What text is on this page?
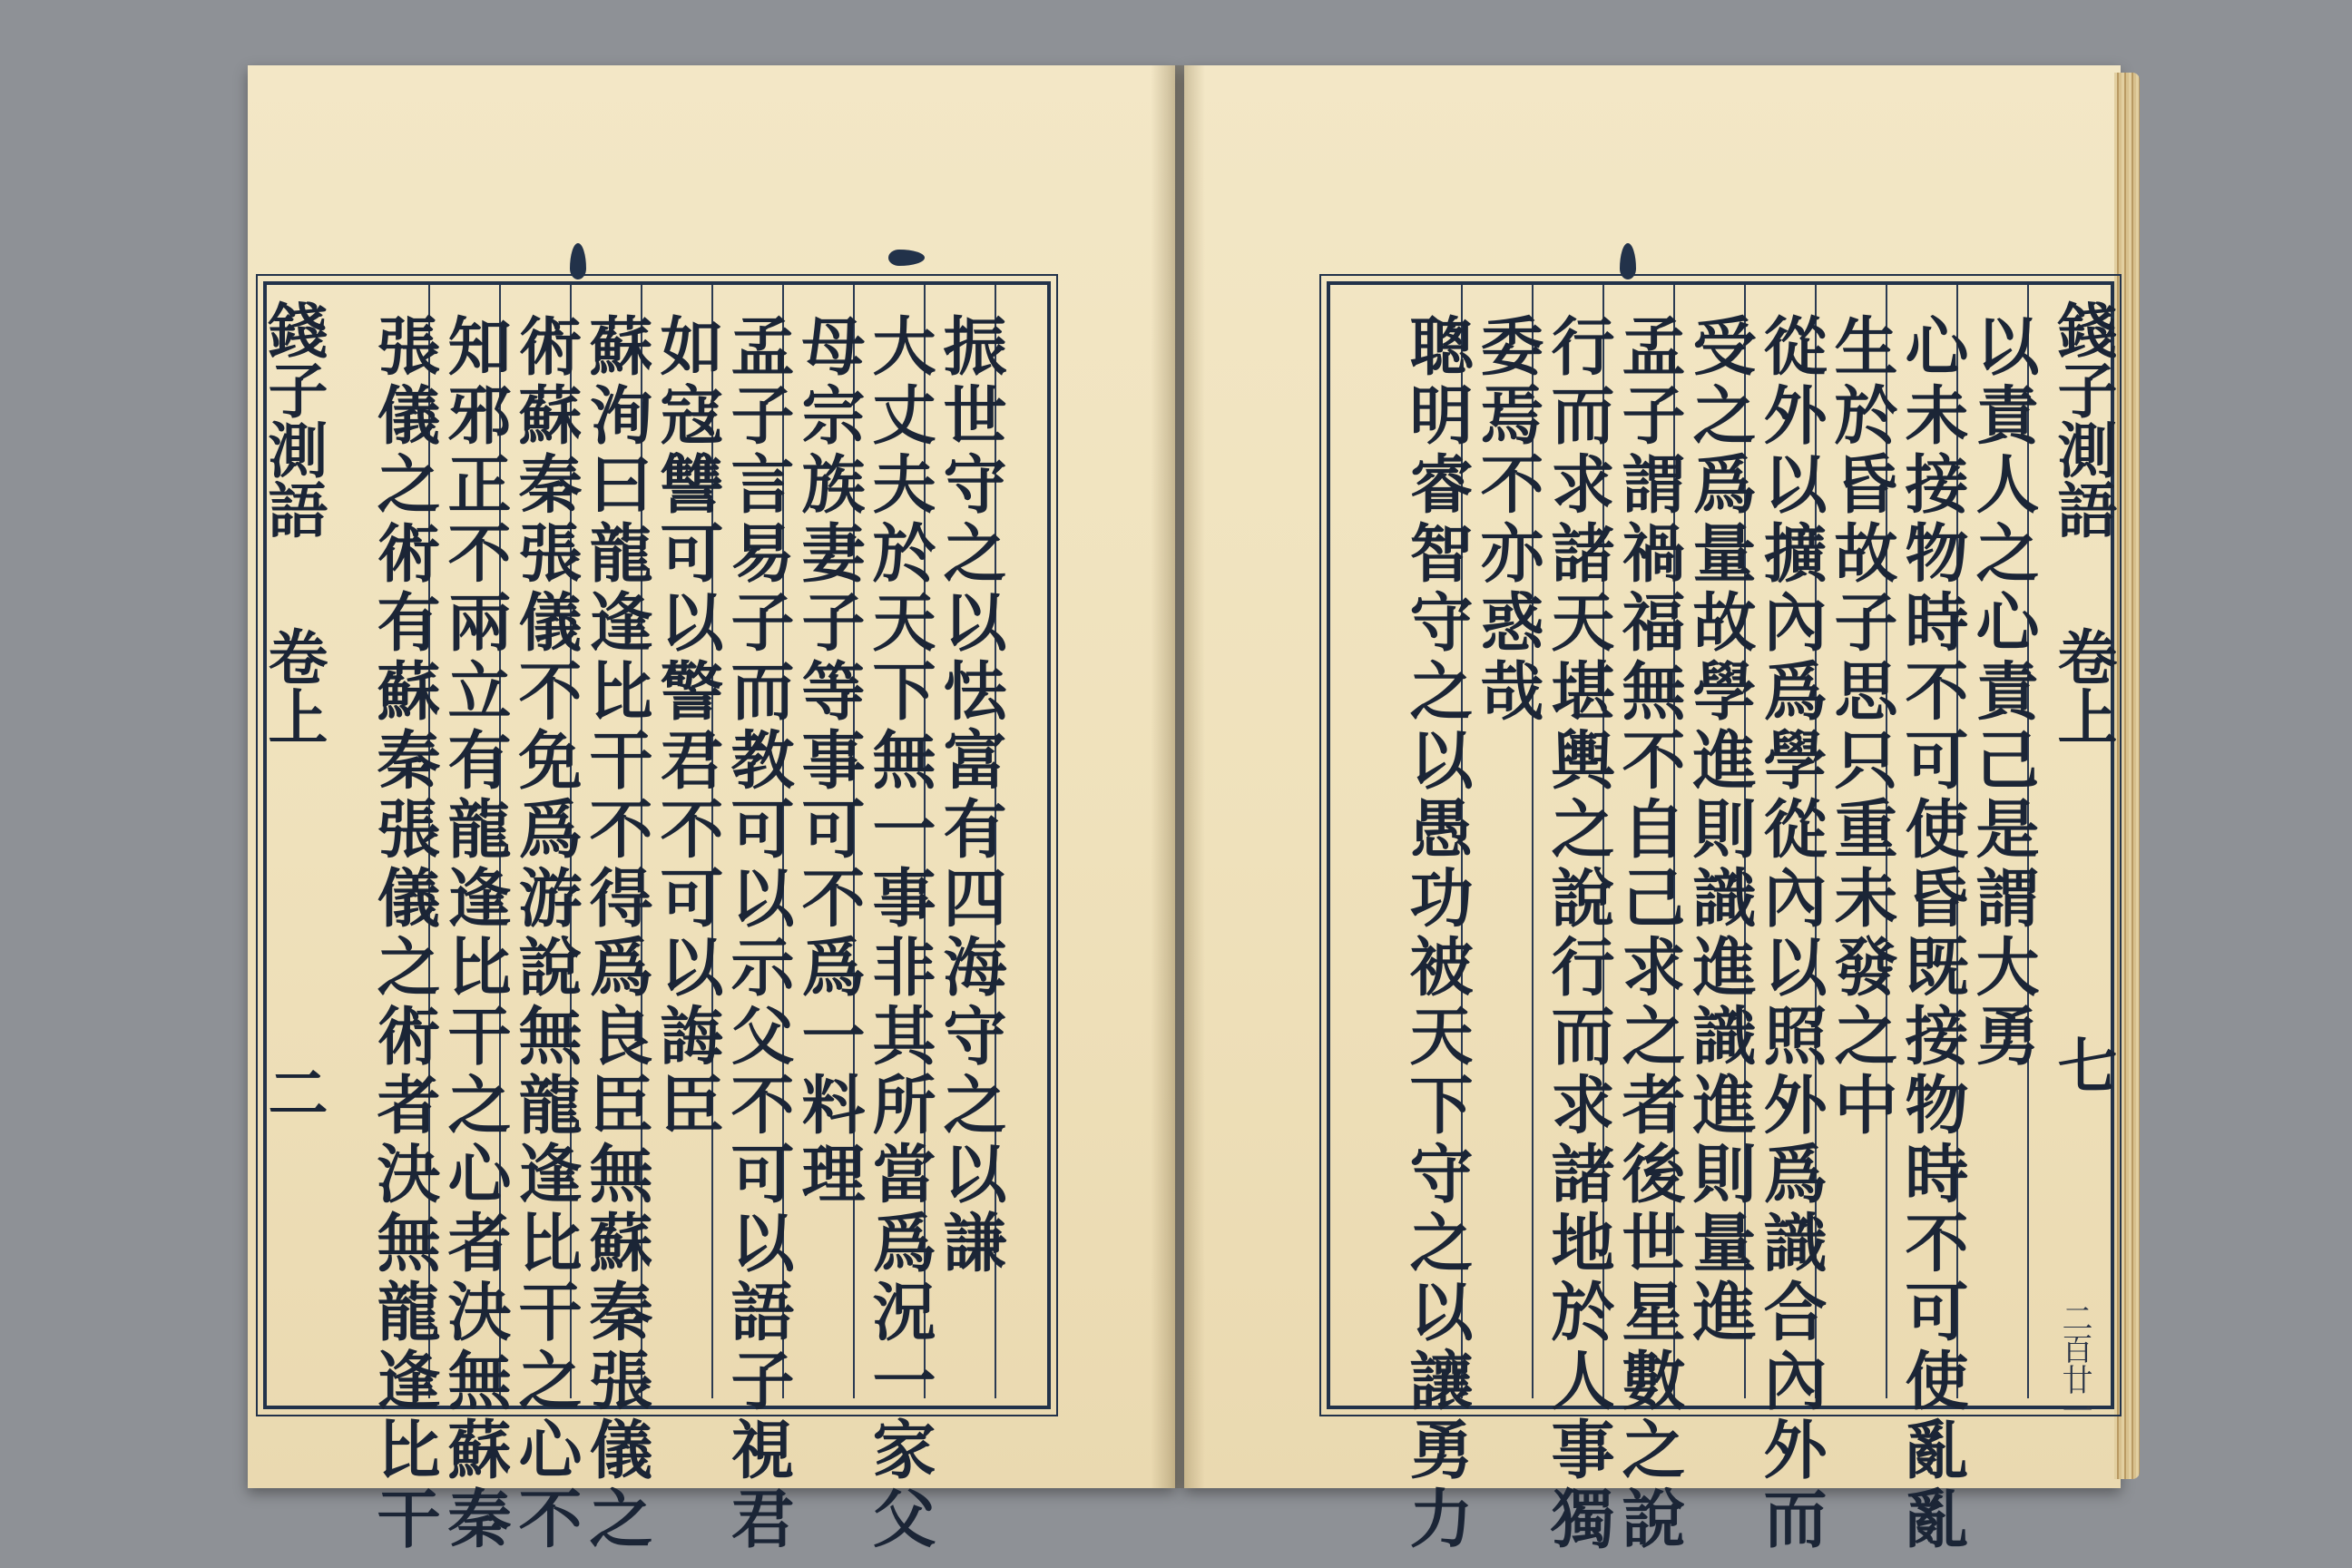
錢子測語
卷上
二	振世守之以怯富有四海守之以謙
大丈夫於天下無一事非其所當爲況一家父
母宗族妻子等事可不爲一料理
孟子言易子而教可以示父不可以語子視君
如寇讐可以警君不可以誨臣
蘇洵曰龍逢比干不得爲良臣無蘇秦張儀之
術蘇秦張儀不免爲游說無龍逢比干之心不
知邪正不兩立有龍逢比干之心者決無蘇秦
張儀之術有蘇秦張儀之術者決無龍逢比干	錢子測語
卷上
七
二百廿一
以責人之心責己是謂大勇
心未接物時不可使昏既接物時不可使亂亂
生於昏故子思只重未發之中
從外以擴內爲學從內以照外爲識合內外而
受之爲量故學進則識進識進則量進
孟子謂禍福無不自己求之者後世星數之說
行而求諸天堪輿之說行而求諸地於人事獨
委焉不亦惑哉
聰明睿智守之以愚功被天下守之以讓勇力
